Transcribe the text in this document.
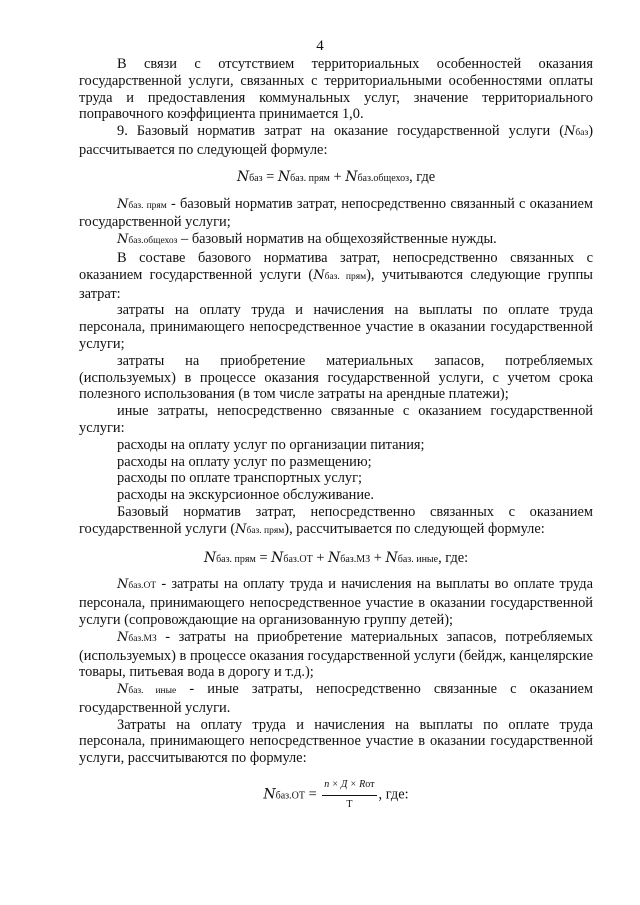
4

В связи с отсутствием территориальных особенностей оказания государственной услуги, связанных с территориальными особенностями оплаты труда и предоставления коммунальных услуг, значение территориального поправочного коэффициента принимается 1,0.

9. Базовый норматив затрат на оказание государственной услуги (Nбаз) рассчитывается по следующей формуле:

Nбаз = Nбаз. прям + Nбаз.общехоз, где

Nбаз. прям - базовый норматив затрат, непосредственно связанный с оказанием государственной услуги;

Nбаз.общехоз – базовый норматив на общехозяйственные нужды.

В составе базового норматива затрат, непосредственно связанных с оказанием государственной услуги (Nбаз. прям), учитываются следующие группы затрат:

затраты на оплату труда и начисления на выплаты по оплате труда персонала, принимающего непосредственное участие в оказании государственной услуги;

затраты на приобретение материальных запасов, потребляемых (используемых) в процессе оказания государственной услуги, с учетом срока полезного использования (в том числе затраты на арендные платежи);

иные затраты, непосредственно связанные с оказанием государственной услуги:

расходы на оплату услуг по организации питания;

расходы на оплату услуг по размещению;

расходы по оплате транспортных услуг;

расходы на экскурсионное обслуживание.

Базовый норматив затрат, непосредственно связанных с оказанием государственной услуги (Nбаз. прям), рассчитывается по следующей формуле:

Nбаз. прям = Nбаз.ОТ + Nбаз.МЗ + Nбаз. иные, где:

Nбаз.ОТ - затраты на оплату труда и начисления на выплаты во оплате труда персонала, принимающего непосредственное участие в оказании государственной услуги (сопровождающие на организованную группу детей);

Nбаз.МЗ - затраты на приобретение материальных запасов, потребляемых (используемых) в процессе оказания государственной услуги (бейдж, канцелярские товары, питьевая вода в дорогу и т.д.);

Nбаз. иные - иные затраты, непосредственно связанные с оказанием государственной услуги.

Затраты на оплату труда и начисления на выплаты по оплате труда персонала, принимающего непосредственное участие в оказании государственной услуги, рассчитываются по формуле:

Nбаз.ОТ = $\frac{\text{n × Д × Rот}}{Т}$ , где:
